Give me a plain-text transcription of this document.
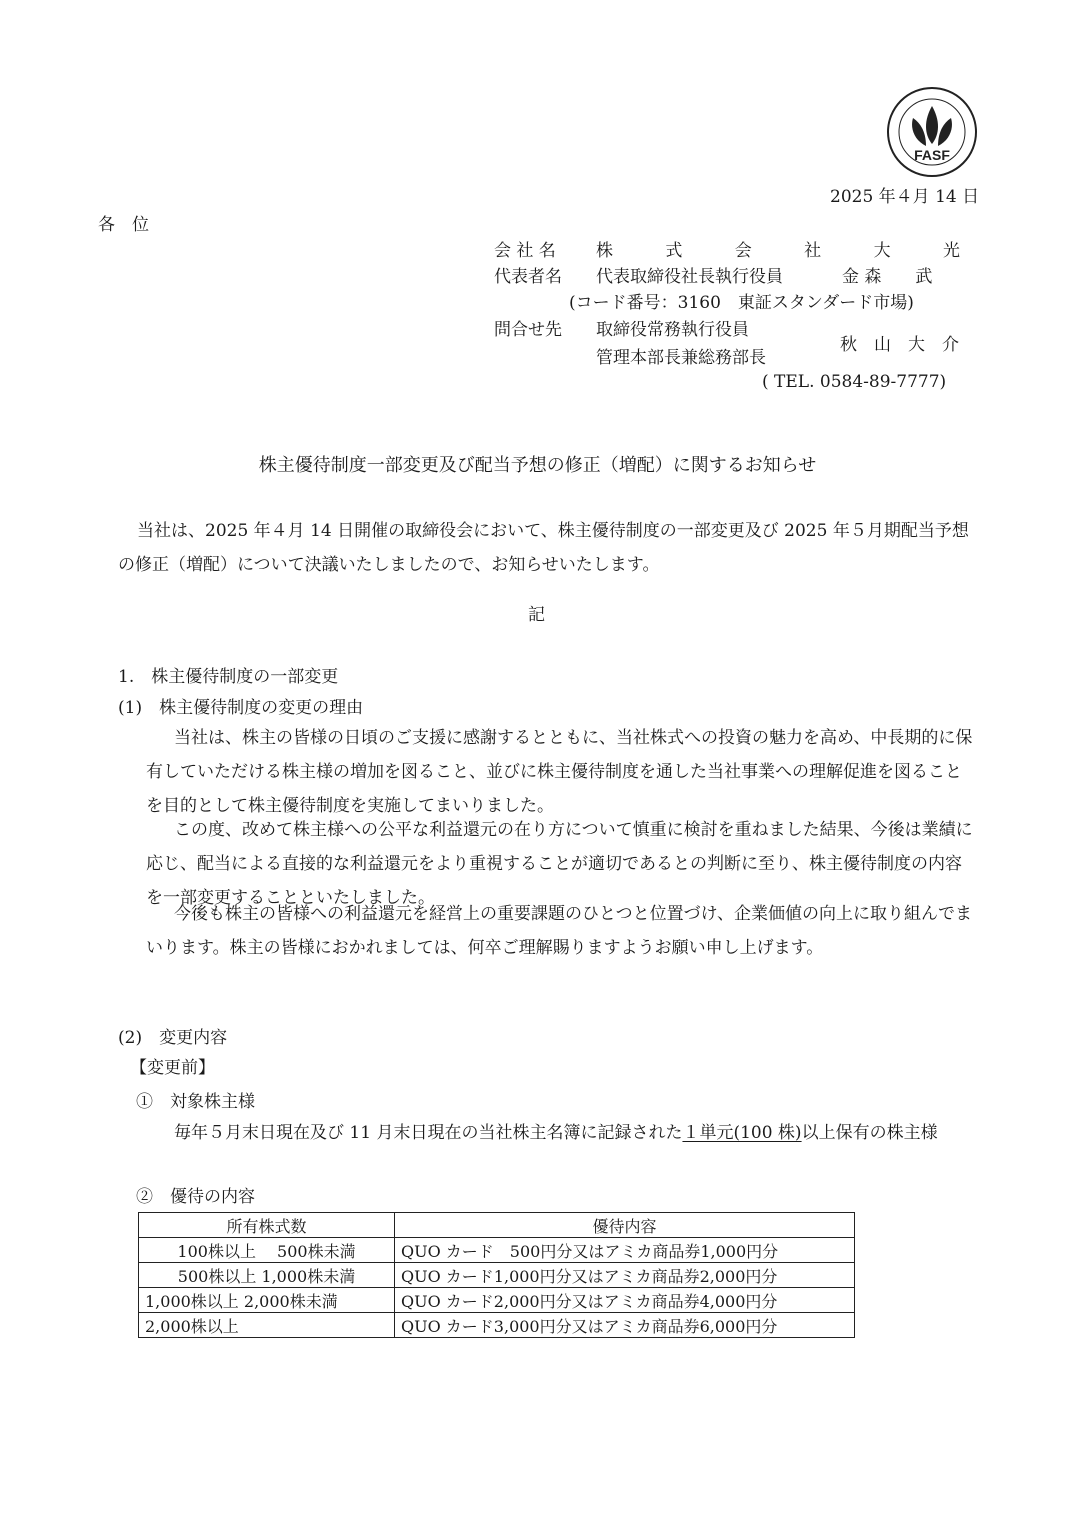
FASF
2025 年４月 14 日
各　位
会 社 名 株	式	会	社	大	光
代表者名 代表取締役社長執行役員	金 森　　武
(コード番号：3160　東証スタンダード市場)
問合せ先 取締役常務執行役員
管理本部長兼総務部長
秋　山　大　介
( TEL. 0584-89-7777)
株主優待制度一部変更及び配当予想の修正（増配）に関するお知らせ

当社は、2025 年４月 14 日開催の取締役会において、株主優待制度の一部変更及び 2025 年５月期配当予想の修正（増配）について決議いたしましたので、お知らせいたします。

記
1.　株主優待制度の一部変更
(1)　株主優待制度の変更の理由

当社は、株主の皆様の日頃のご支援に感謝するとともに、当社株式への投資の魅力を高め、中長期的に保有していただける株主様の増加を図ること、並びに株主優待制度を通した当社事業への理解促進を図ることを目的として株主優待制度を実施してまいりました。

この度、改めて株主様への公平な利益還元の在り方について慎重に検討を重ねました結果、今後は業績に応じ、配当による直接的な利益還元をより重視することが適切であるとの判断に至り、株主優待制度の内容を一部変更することといたしました。

今後も株主の皆様への利益還元を経営上の重要課題のひとつと位置づけ、企業価値の向上に取り組んでまいります。株主の皆様におかれましては、何卒ご理解賜りますようお願い申し上げます。

(2)　変更内容
【変更前】
①　対象株主様

毎年５月末日現在及び 11 月末日現在の当社株主名簿に記録された１単元(100 株)以上保有の株主様

②　優待の内容
所有株式数	優待内容
100株以上　 500株未満	QUO カード　500円分又はアミカ商品券1,000円分
500株以上 1,000株未満	QUO カード1,000円分又はアミカ商品券2,000円分
1,000株以上 2,000株未満	QUO カード2,000円分又はアミカ商品券4,000円分
2,000株以上	QUO カード3,000円分又はアミカ商品券6,000円分
